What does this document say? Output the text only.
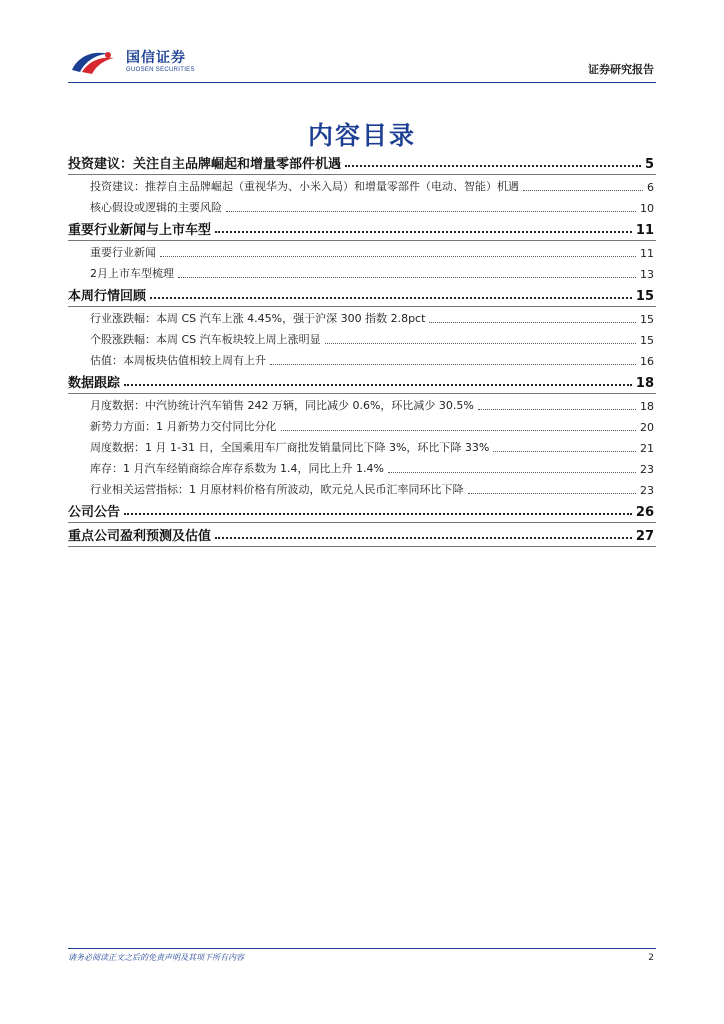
国信证券
GUOSEN SECURITIES	证券研究报告
内容目录
投资建议：关注自主品牌崛起和增量零部件机遇	5
投资建议：推荐自主品牌崛起（重视华为、小米入局）和增量零部件（电动、智能）机遇	6
核心假设或逻辑的主要风险	10
重要行业新闻与上市车型	11
重要行业新闻	11
2月上市车型梳理	13
本周行情回顾	15
行业涨跌幅：本周 CS 汽车上涨 4.45%，强于沪深 300 指数 2.8pct	15
个股涨跌幅：本周 CS 汽车板块较上周上涨明显	15
估值：本周板块估值相较上周有上升	16
数据跟踪	18
月度数据：中汽协统计汽车销售 242 万辆，同比减少 0.6%，环比减少 30.5%	18
新势力方面：1 月新势力交付同比分化	20
周度数据：1 月 1-31 日，全国乘用车厂商批发销量同比下降 3%，环比下降 33%	21
库存：1 月汽车经销商综合库存系数为 1.4，同比上升 1.4%	23
行业相关运营指标：1 月原材料价格有所波动，欧元兑人民币汇率同环比下降	23
公司公告	26
重点公司盈利预测及估值	27
请务必阅读正文之后的免责声明及其项下所有内容	2
